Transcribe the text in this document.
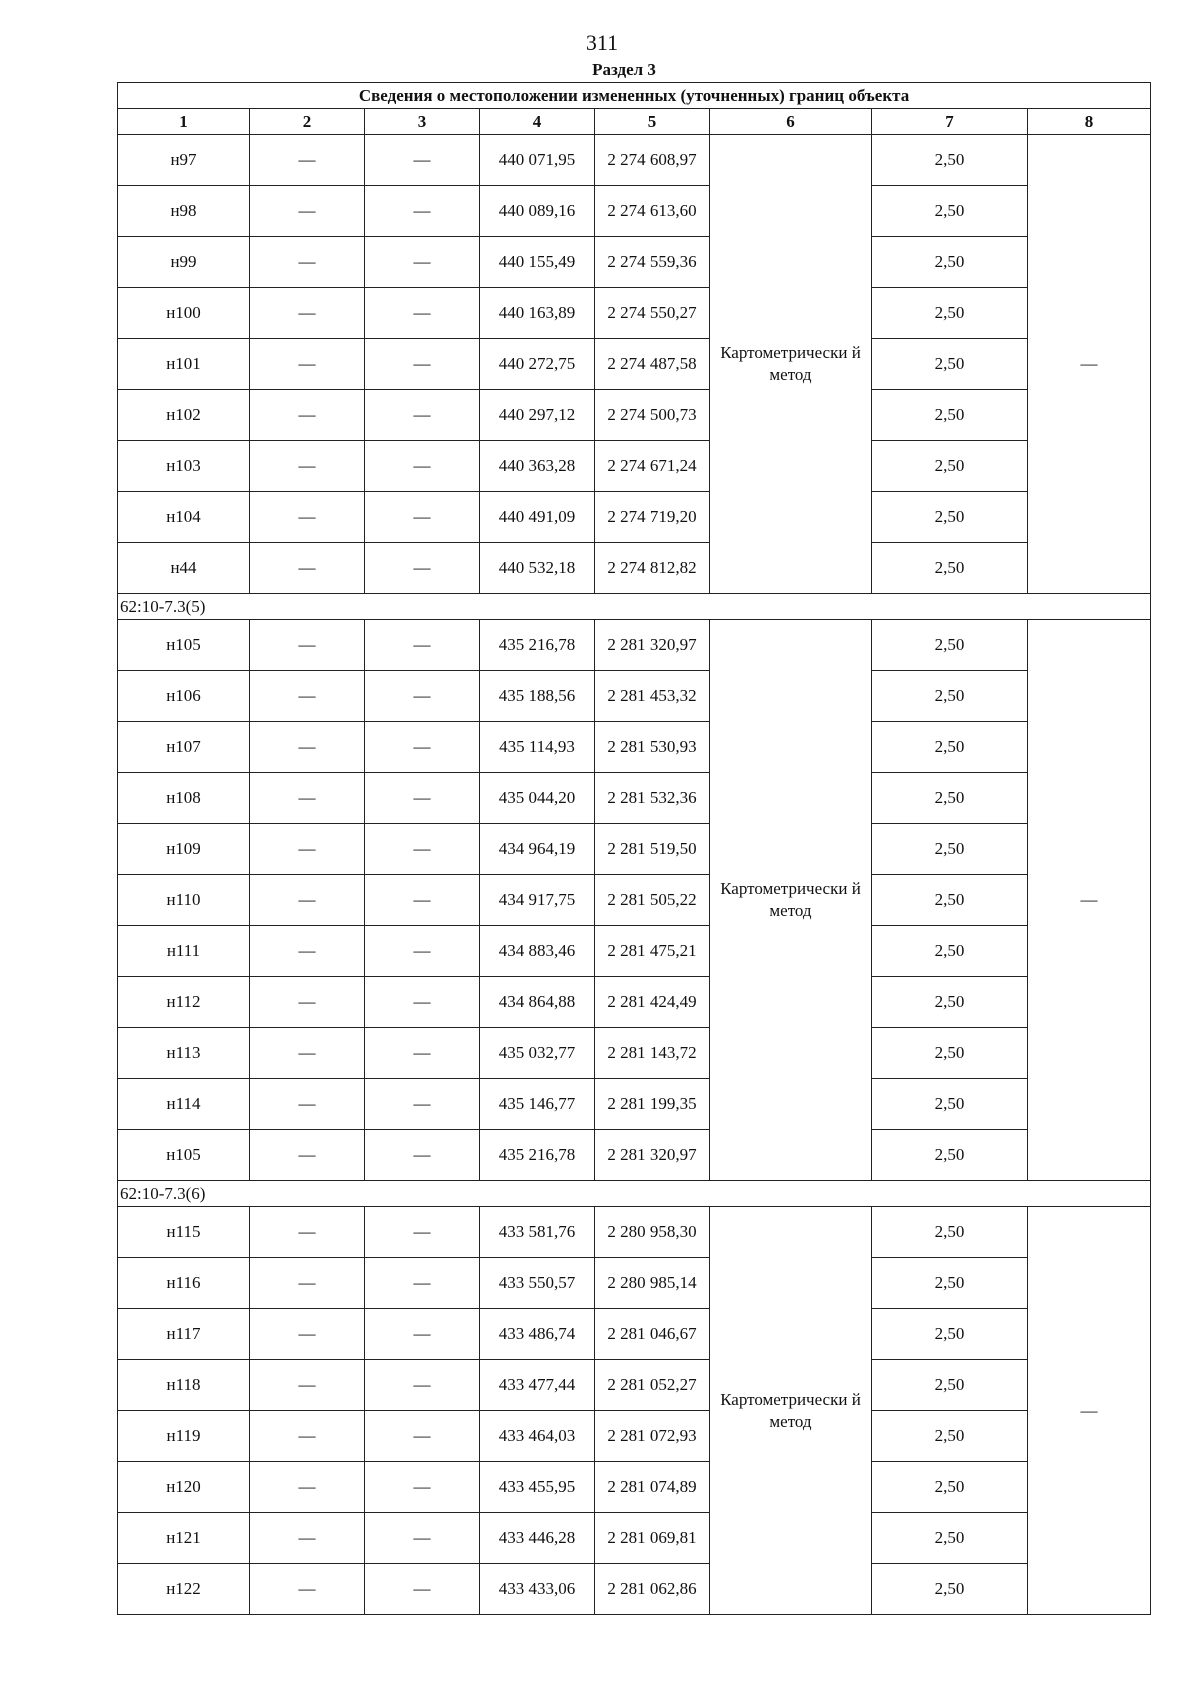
311
Раздел 3
Сведения о местоположении измененных (уточненных) границ объекта							
1	2	3	4	5	6	7	8
н97	—	—	440 071,95	2 274 608,97	Картометрически й метод	2,50	—
н98	—	—	440 089,16	2 274 613,60		2,50	
н99	—	—	440 155,49	2 274 559,36		2,50	
н100	—	—	440 163,89	2 274 550,27		2,50	
н101	—	—	440 272,75	2 274 487,58		2,50	
н102	—	—	440 297,12	2 274 500,73		2,50	
н103	—	—	440 363,28	2 274 671,24		2,50	
н104	—	—	440 491,09	2 274 719,20		2,50	
н44	—	—	440 532,18	2 274 812,82		2,50	
62:10-7.3(5)							
н105	—	—	435 216,78	2 281 320,97	Картометрически й метод	2,50	—
н106	—	—	435 188,56	2 281 453,32		2,50	
н107	—	—	435 114,93	2 281 530,93		2,50	
н108	—	—	435 044,20	2 281 532,36		2,50	
н109	—	—	434 964,19	2 281 519,50		2,50	
н110	—	—	434 917,75	2 281 505,22		2,50	
н111	—	—	434 883,46	2 281 475,21		2,50	
н112	—	—	434 864,88	2 281 424,49		2,50	
н113	—	—	435 032,77	2 281 143,72		2,50	
н114	—	—	435 146,77	2 281 199,35		2,50	
н105	—	—	435 216,78	2 281 320,97		2,50	
62:10-7.3(6)							
н115	—	—	433 581,76	2 280 958,30	Картометрически й метод	2,50	—
н116	—	—	433 550,57	2 280 985,14		2,50	
н117	—	—	433 486,74	2 281 046,67		2,50	
н118	—	—	433 477,44	2 281 052,27		2,50	
н119	—	—	433 464,03	2 281 072,93		2,50	
н120	—	—	433 455,95	2 281 074,89		2,50	
н121	—	—	433 446,28	2 281 069,81		2,50	
н122	—	—	433 433,06	2 281 062,86		2,50	
